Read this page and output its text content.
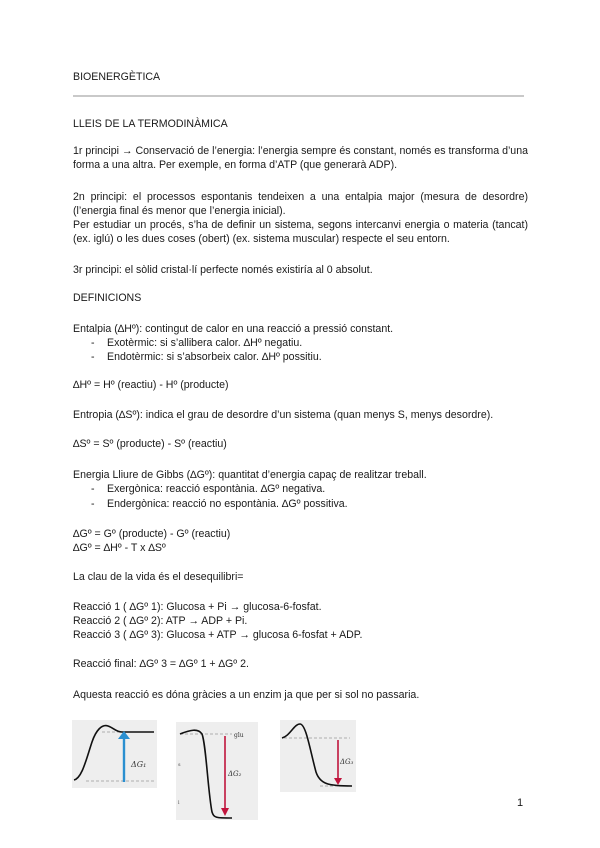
BIOENERGÈTICA
LLEIS DE LA TERMODINÀMICA
1r principi → Conservació de l’energia: l’energia sempre és constant, només es transforma d’una forma a una altra. Per exemple, en forma d’ATP (que generarà ADP).
2n principi: el processos espontanis tendeixen a una entalpia major (mesura de desordre) (l’energia final és menor que l’energia inicial).
Per estudiar un procés, s’ha de definir un sistema, segons intercanvi energia o materia (tancat) (ex. iglú) o les dues coses (obert) (ex. sistema muscular) respecte el seu entorn.
3r principi: el sòlid cristal·lí perfecte només existiría al 0 absolut.
DEFINICIONS
Entalpia (∆Hº): contingut de calor en una reacció a pressió constant.
- Exotèrmic: si s’allibera calor. ∆Hº negatiu.
- Endotèrmic: si s’absorbeix calor. ∆Hº possitiu.
∆Hº = Hº (reactiu) - Hº (producte)
Entropia (∆Sº): indica el grau de desordre d’un sistema (quan menys S, menys desordre).
∆Sº = Sº (producte) - Sº (reactiu)
Energia Lliure de Gibbs (∆Gº): quantitat d’energia capaç de realitzar treball.
- Exergònica: reacció espontània. ∆Gº negativa.
- Endergònica: reacció no espontània. ∆Gº possitiva.
∆Gº = Gº (producte) - Gº (reactiu)
∆Gº = ∆Hº - T x ∆Sº
La clau de la vida és el desequilibri=
Reacció 1 ( ∆Gº 1): Glucosa + Pi → glucosa-6-fosfat.
Reacció 2 ( ∆Gº 2): ATP → ADP + Pi.
Reacció 3 ( ∆Gº 3): Glucosa + ATP → glucosa 6-fosfat + ADP.
Reacció final: ∆Gº 3 = ∆Gº 1 + ∆Gº 2.
Aquesta reacció es dóna gràcies a un enzim ja que per si sol no passaria.
ΔG₁
glu
ΔG₂
s
l
ΔG₃
1
